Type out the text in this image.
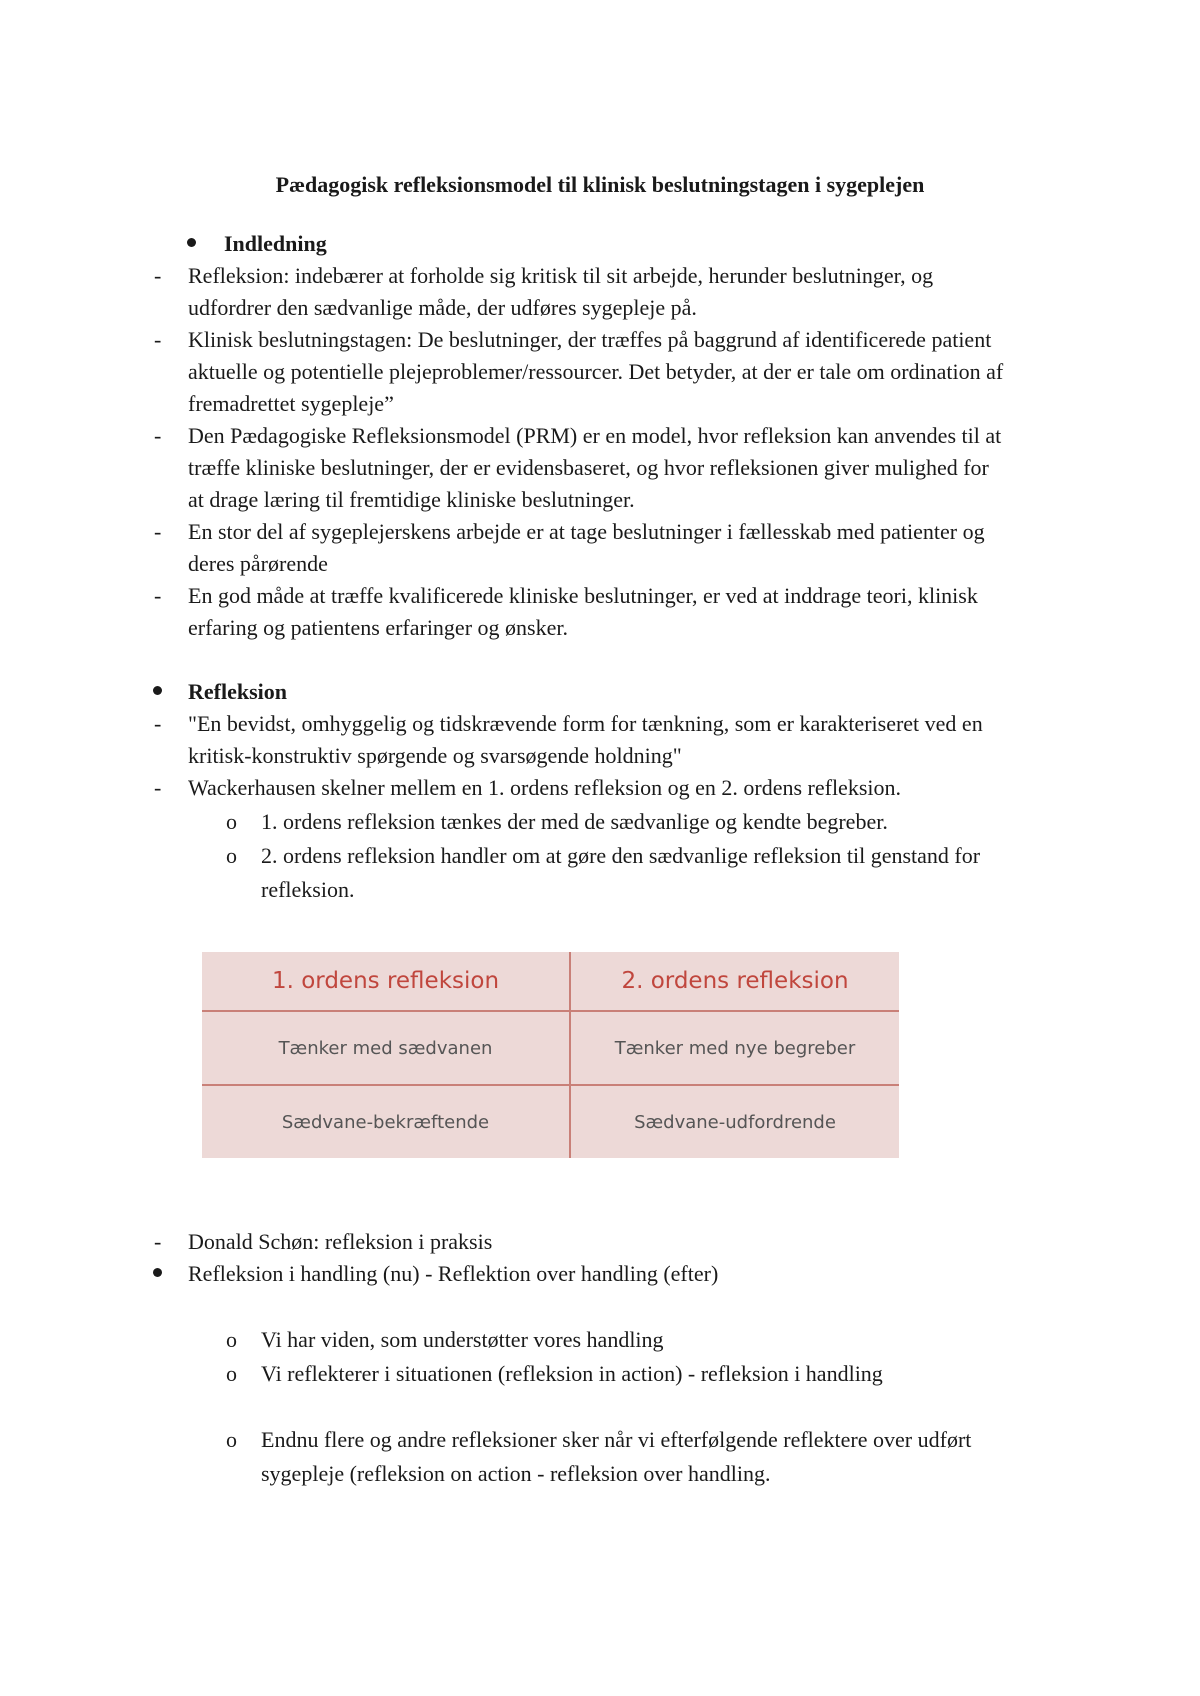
Pædagogisk refleksionsmodel til klinisk beslutningstagen i sygeplejen
Indledning
- Refleksion: indebærer at forholde sig kritisk til sit arbejde, herunder beslutninger, og
udfordrer den sædvanlige måde, der udføres sygepleje på.
- Klinisk beslutningstagen: De beslutninger, der træffes på baggrund af identificerede patient
aktuelle og potentielle plejeproblemer/ressourcer. Det betyder, at der er tale om ordination af
fremadrettet sygepleje”
- Den Pædagogiske Refleksionsmodel (PRM) er en model, hvor refleksion kan anvendes til at
træffe kliniske beslutninger, der er evidensbaseret, og hvor refleksionen giver mulighed for
at drage læring til fremtidige kliniske beslutninger.
- En stor del af sygeplejerskens arbejde er at tage beslutninger i fællesskab med patienter og
deres pårørende
- En god måde at træffe kvalificerede kliniske beslutninger, er ved at inddrage teori, klinisk
erfaring og patientens erfaringer og ønsker.
Refleksion
- "En bevidst, omhyggelig og tidskrævende form for tænkning, som er karakteriseret ved en
kritisk-konstruktiv spørgende og svarsøgende holdning"
- Wackerhausen skelner mellem en 1. ordens refleksion og en 2. ordens refleksion.
o 1. ordens refleksion tænkes der med de sædvanlige og kendte begreber.
o 2. ordens refleksion handler om at gøre den sædvanlige refleksion til genstand for
refleksion.
1. ordens refleksion	2. ordens refleksion
Tænker med sædvanen	Tænker med nye begreber
Sædvane-bekræftende	Sædvane-udfordrende
- Donald Schøn: refleksion i praksis
Refleksion i handling (nu) - Reflektion over handling (efter)
o Vi har viden, som understøtter vores handling
o Vi reflekterer i situationen (refleksion in action) - refleksion i handling
o Endnu flere og andre refleksioner sker når vi efterfølgende reflektere over udført
sygepleje (refleksion on action - refleksion over handling.
